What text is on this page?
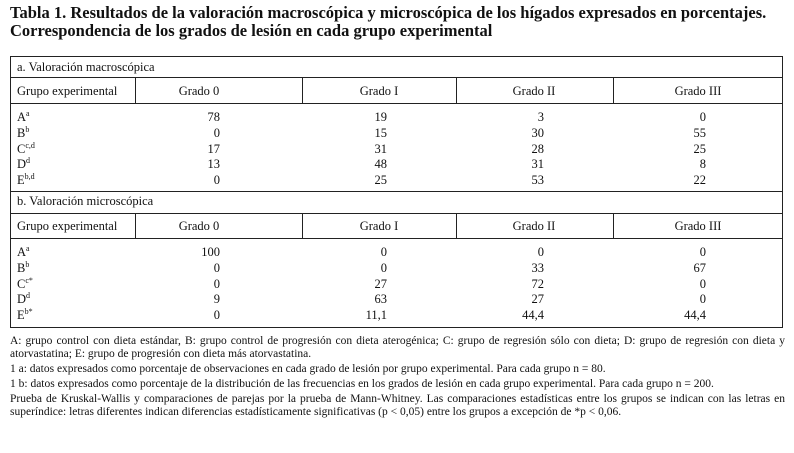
Tabla 1. Resultados de la valoración macroscópica y microscópica de los hígados expresados en porcentajes.
Correspondencia de los grados de lesión en cada grupo experimental
a. Valoración macroscópica
Grupo experimental	Grado 0	Grado I	Grado II	Grado III
$A^a$	78	19	3	0
$B^b$	0	15	30	55
C$^{c,d}$	17	31	28	25
$D^d$	13	48	31	8
E$^{b,d}$	0	25	53	22
b. Valoración microscópica
Grupo experimental	Grado 0	Grado I	Grado II	Grado III
$A^a$	100	0	0	0
$B^b$	0	0	33	67
$C^{c*}$	0	27	72	0
$D^d$	9	63	27	0
$E^{b*}$	0	11,1	44,4	44,4

A: grupo control con dieta estándar, B: grupo control de progresión con dieta aterogénica; C: grupo de regresión sólo con dieta; D: grupo de regresión con dieta y atorvastatina; E: grupo de progresión con dieta más atorvastatina.

1 a: datos expresados como porcentaje de observaciones en cada grado de lesión por grupo experimental. Para cada grupo n = 80.

1 b: datos expresados como porcentaje de la distribución de las frecuencias en los grados de lesión en cada grupo experimental. Para cada grupo n = 200.

Prueba de Kruskal-Wallis y comparaciones de parejas por la prueba de Mann-Whitney. Las comparaciones estadísticas entre los grupos se indican con las letras en superíndice: letras diferentes indican diferencias estadísticamente significativas (p < 0,05) entre los grupos a excepción de *p < 0,06.
